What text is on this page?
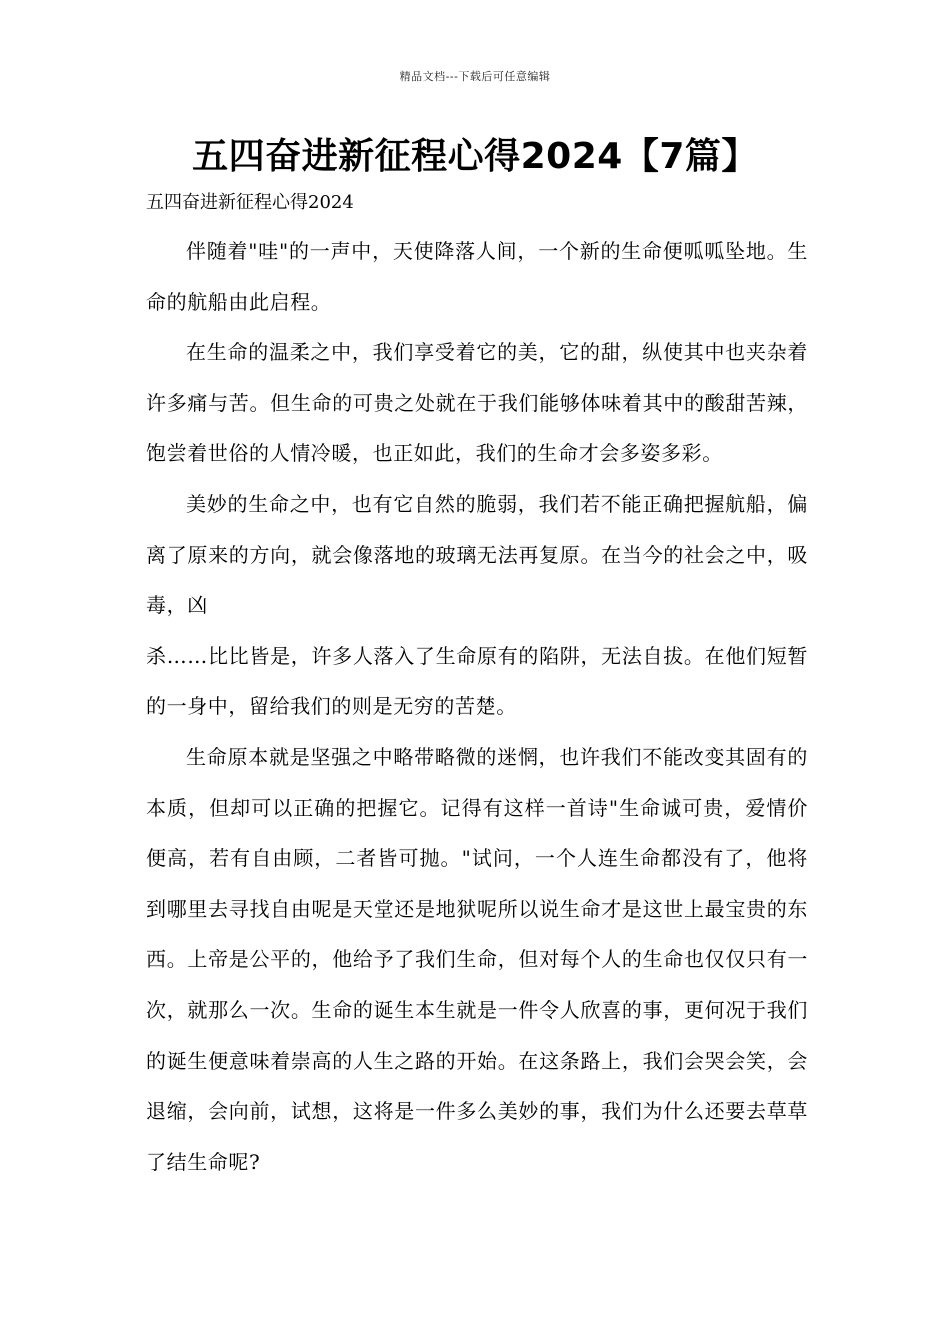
精品文档---下载后可任意编辑
五四奋进新征程心得2024【7篇】

五四奋进新征程心得2024

伴随着"哇"的一声中，天使降落人间，一个新的生命便呱呱坠地。生命的航船由此启程。

在生命的温柔之中，我们享受着它的美，它的甜，纵使其中也夹杂着许多痛与苦。但生命的可贵之处就在于我们能够体味着其中的酸甜苦辣，饱尝着世俗的人情冷暖，也正如此，我们的生命才会多姿多彩。

美妙的生命之中，也有它自然的脆弱，我们若不能正确把握航船，偏离了原来的方向，就会像落地的玻璃无法再复原。在当今的社会之中，吸毒，凶

杀……比比皆是，许多人落入了生命原有的陷阱，无法自拔。在他们短暂的一身中，留给我们的则是无穷的苦楚。

生命原本就是坚强之中略带略微的迷惘，也许我们不能改变其固有的本质，但却可以正确的把握它。记得有这样一首诗"生命诚可贵，爱情价便高，若有自由顾，二者皆可抛。"试问，一个人连生命都没有了，他将到哪里去寻找自由呢是天堂还是地狱呢所以说生命才是这世上最宝贵的东西。上帝是公平的，他给予了我们生命，但对每个人的生命也仅仅只有一次，就那么一次。生命的诞生本生就是一件令人欣喜的事，更何况于我们的诞生便意味着崇高的人生之路的开始。在这条路上，我们会哭会笑，会退缩，会向前，试想，这将是一件多么美妙的事，我们为什么还要去草草了结生命呢?
